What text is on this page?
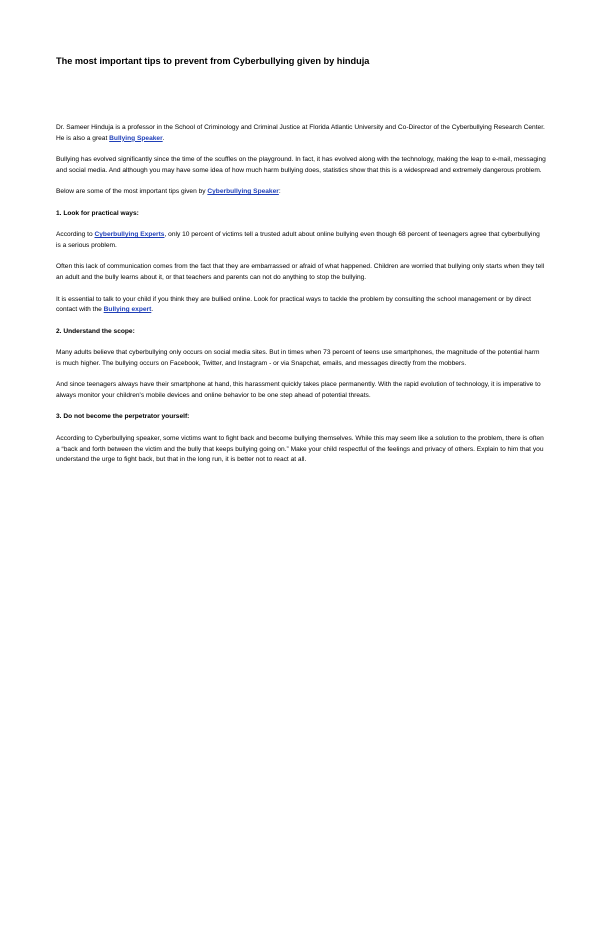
The most important tips to prevent from Cyberbullying given by hinduja

Dr. Sameer Hinduja is a professor in the School of Criminology and Criminal Justice at Florida Atlantic University and Co-Director of the Cyberbullying Research Center. He is also a great Bullying Speaker.

Bullying has evolved significantly since the time of the scuffles on the playground. In fact, it has evolved along with the technology, making the leap to e-mail, messaging and social media. And although you may have some idea of how much harm bullying does, statistics show that this is a widespread and extremely dangerous problem.

Below are some of the most important tips given by Cyberbullying Speaker:

1. Look for practical ways:

According to Cyberbullying Experts, only 10 percent of victims tell a trusted adult about online bullying even though 68 percent of teenagers agree that cyberbullying is a serious problem.

Often this lack of communication comes from the fact that they are embarrassed or afraid of what happened. Children are worried that bullying only starts when they tell an adult and the bully learns about it, or that teachers and parents can not do anything to stop the bullying.

It is essential to talk to your child if you think they are bullied online. Look for practical ways to tackle the problem by consulting the school management or by direct contact with the Bullying expert.

2. Understand the scope:

Many adults believe that cyberbullying only occurs on social media sites. But in times when 73 percent of teens use smartphones, the magnitude of the potential harm is much higher. The bullying occurs on Facebook, Twitter, and Instagram - or via Snapchat, emails, and messages directly from the mobbers.

And since teenagers always have their smartphone at hand, this harassment quickly takes place permanently. With the rapid evolution of technology, it is imperative to always monitor your children's mobile devices and online behavior to be one step ahead of potential threats.

3. Do not become the perpetrator yourself:

According to Cyberbullying speaker, some victims want to fight back and become bullying themselves. While this may seem like a solution to the problem, there is often a “back and forth between the victim and the bully that keeps bullying going on.” Make your child respectful of the feelings and privacy of others. Explain to him that you understand the urge to fight back, but that in the long run, it is better not to react at all.
